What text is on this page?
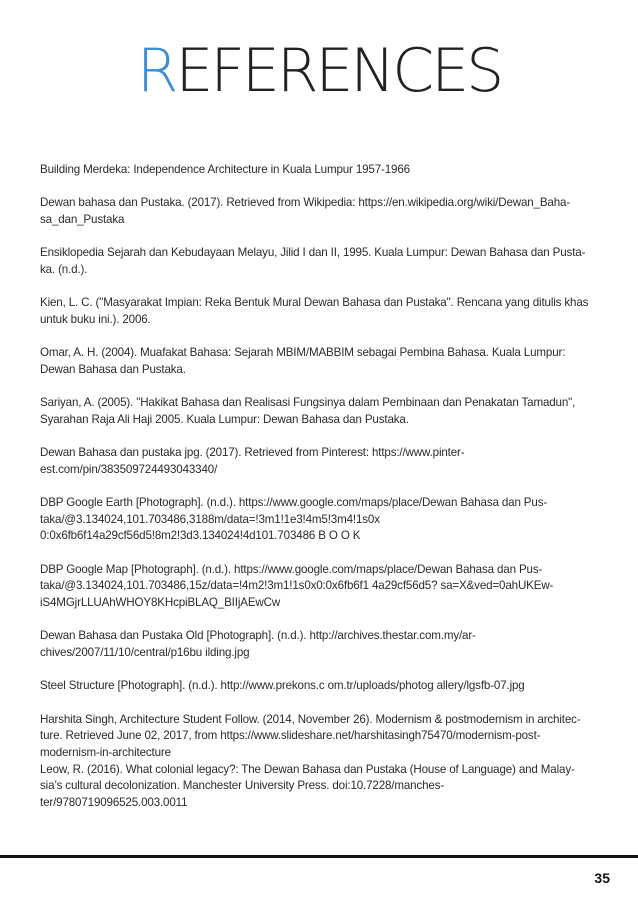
REFERENCES
Building Merdeka: Independence Architecture in Kuala Lumpur 1957-1966
Dewan bahasa dan Pustaka. (2017). Retrieved from Wikipedia: https://en.wikipedia.org/wiki/Dewan_Baha-
sa_dan_Pustaka
Ensiklopedia Sejarah dan Kebudayaan Melayu, Jilid I dan II, 1995. Kuala Lumpur: Dewan Bahasa dan Pusta-
ka. (n.d.).
Kien, L. C. ("Masyarakat Impian: Reka Bentuk Mural Dewan Bahasa dan Pustaka". Rencana yang ditulis khas
untuk buku ini.). 2006.
Omar, A. H. (2004). Muafakat Bahasa: Sejarah MBIM/MABBIM sebagai Pembina Bahasa. Kuala Lumpur:
Dewan Bahasa dan Pustaka.
Sariyan, A. (2005). "Hakikat Bahasa dan Realisasi Fungsinya dalam Pembinaan dan Penakatan Tamadun",
Syarahan Raja Ali Haji 2005. Kuala Lumpur: Dewan Bahasa dan Pustaka.
Dewan Bahasa dan pustaka jpg. (2017). Retrieved from Pinterest: https://www.pinter-
est.com/pin/383509724493043340/
DBP Google Earth [Photograph]. (n.d.). https://www.google.com/maps/place/Dewan Bahasa dan Pus-
taka/@3.134024,101.703486,3188m/data=!3m1!1e3!4m5!3m4!1s0x
0:0x6fb6f14a29cf56d5!8m2!3d3.134024!4d101.703486 B O O K
DBP Google Map [Photograph]. (n.d.). https://www.google.com/maps/place/Dewan Bahasa dan Pus-
taka/@3.134024,101.703486,15z/data=!4m2!3m1!1s0x0:0x6fb6f1 4a29cf56d5? sa=X&ved=0ahUKEw-
iS4MGjrLLUAhWHOY8KHcpiBLAQ_BIIjAEwCw
Dewan Bahasa dan Pustaka Old [Photograph]. (n.d.). http://archives.thestar.com.my/ar-
chives/2007/11/10/central/p16bu ilding.jpg
Steel Structure [Photograph]. (n.d.). http://www.prekons.c om.tr/uploads/photog allery/lgsfb-07.jpg
Harshita Singh, Architecture Student Follow. (2014, November 26). Modernism & postmodernism in architec-
ture. Retrieved June 02, 2017, from https://www.slideshare.net/harshitasingh75470/modernism-post-
modernism-in-architecture
Leow, R. (2016). What colonial legacy?: The Dewan Bahasa dan Pustaka (House of Language) and Malay-
sia’s cultural decolonization. Manchester University Press. doi:10.7228/manches-
ter/9780719096525.003.0011
35
